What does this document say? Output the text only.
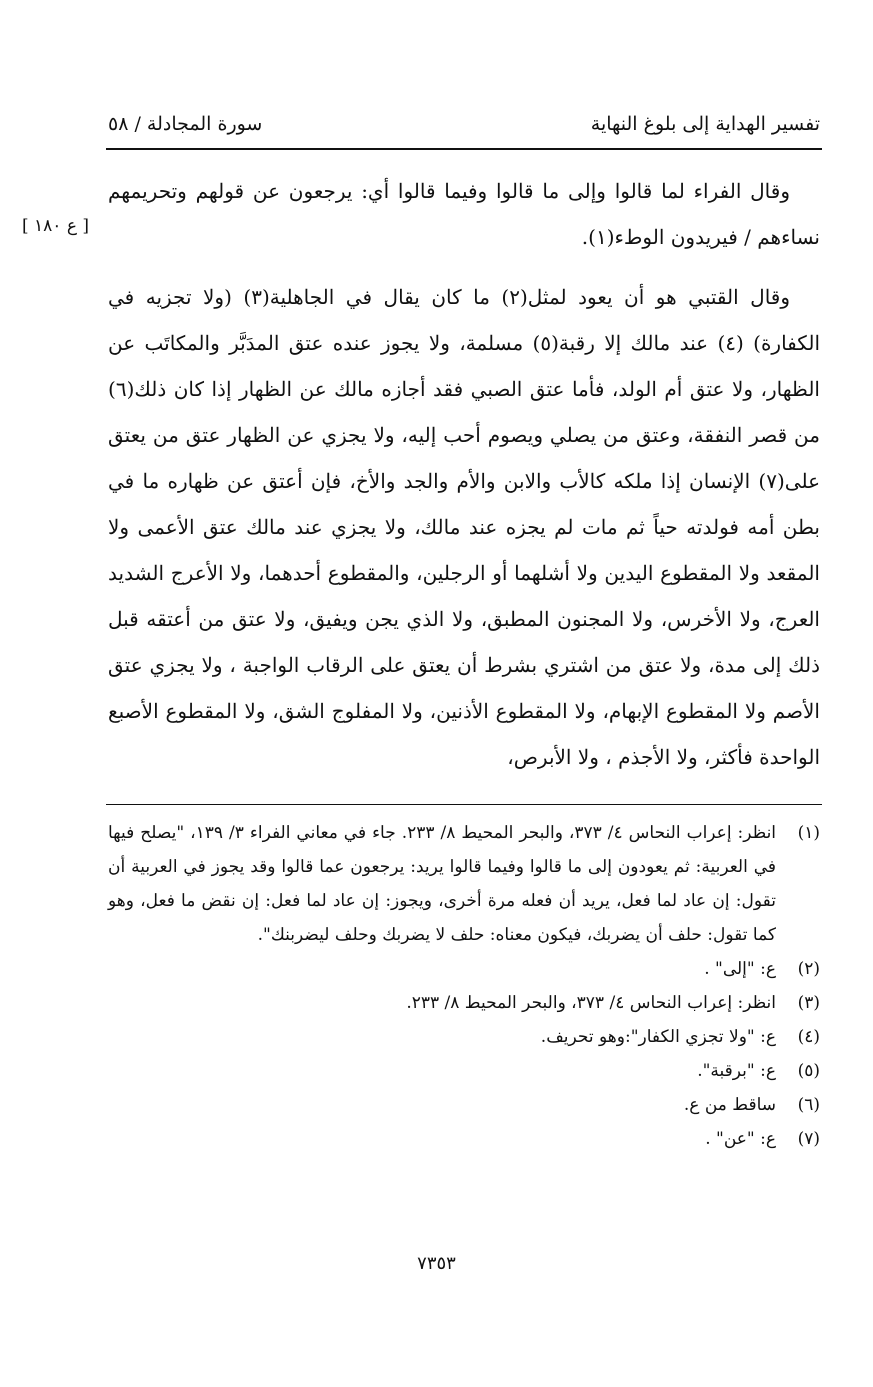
تفسير الهداية إلى بلوغ النهاية
سورة المجادلة / ٥٨
[ ع ١٨٠ ]

وقال الفراء لما قالوا وإلى ما قالوا وفيما قالوا أي: يرجعون عن قولهم وتحريمهم نساءهم / فيريدون الوطء(١).

وقال القتبي هو أن يعود لمثل(٢) ما كان يقال في الجاهلية(٣) (ولا تجزيه في الكفارة) (٤) عند مالك إلا رقبة(٥) مسلمة، ولا يجوز عنده عتق المدَبَّر والمكاتَب عن الظهار، ولا عتق أم الولد، فأما عتق الصبي فقد أجازه مالك عن الظهار إذا كان ذلك(٦) من قصر النفقة، وعتق من يصلي ويصوم أحب إليه، ولا يجزي عن الظهار عتق من يعتق على(٧) الإنسان إذا ملكه كالأب والابن والأم والجد والأخ، فإن أعتق عن ظهاره ما في بطن أمه فولدته حياً ثم مات لم يجزه عند مالك، ولا يجزي عند مالك عتق الأعمى ولا المقعد ولا المقطوع اليدين ولا أشلهما أو الرجلين، والمقطوع أحدهما، ولا الأعرج الشديد العرج، ولا الأخرس، ولا المجنون المطبق، ولا الذي يجن ويفيق، ولا عتق من أعتقه قبل ذلك إلى مدة، ولا عتق من اشتري بشرط أن يعتق على الرقاب الواجبة ، ولا يجزي عتق الأصم ولا المقطوع الإبهام، ولا المقطوع الأذنين، ولا المفلوج الشق، ولا المقطوع الأصبع الواحدة فأكثر، ولا الأجذم ، ولا الأبرص،

(١)
انظر: إعراب النحاس ٤/ ٣٧٣، والبحر المحيط ٨/ ٢٣٣. جاء في معاني الفراء ٣/ ١٣٩، "يصلح فيها في العربية: ثم يعودون إلى ما قالوا وفيما قالوا يريد: يرجعون عما قالوا وقد يجوز في العربية أن تقول: إن عاد لما فعل، يريد أن فعله مرة أخرى، ويجوز: إن عاد لما فعل: إن نقض ما فعل، وهو كما تقول: حلف أن يضربك، فيكون معناه: حلف لا يضربك وحلف ليضربنك".
(٢)
ع: "إلى" .
(٣)
انظر: إعراب النحاس ٤/ ٣٧٣، والبحر المحيط ٨/ ٢٣٣.
(٤)
ع: "ولا تجزي الكفار":وهو تحريف.
(٥)
ع: "برقبة".
(٦)
ساقط من ع.
(٧)
ع: "عن" .
٧٣٥٣
